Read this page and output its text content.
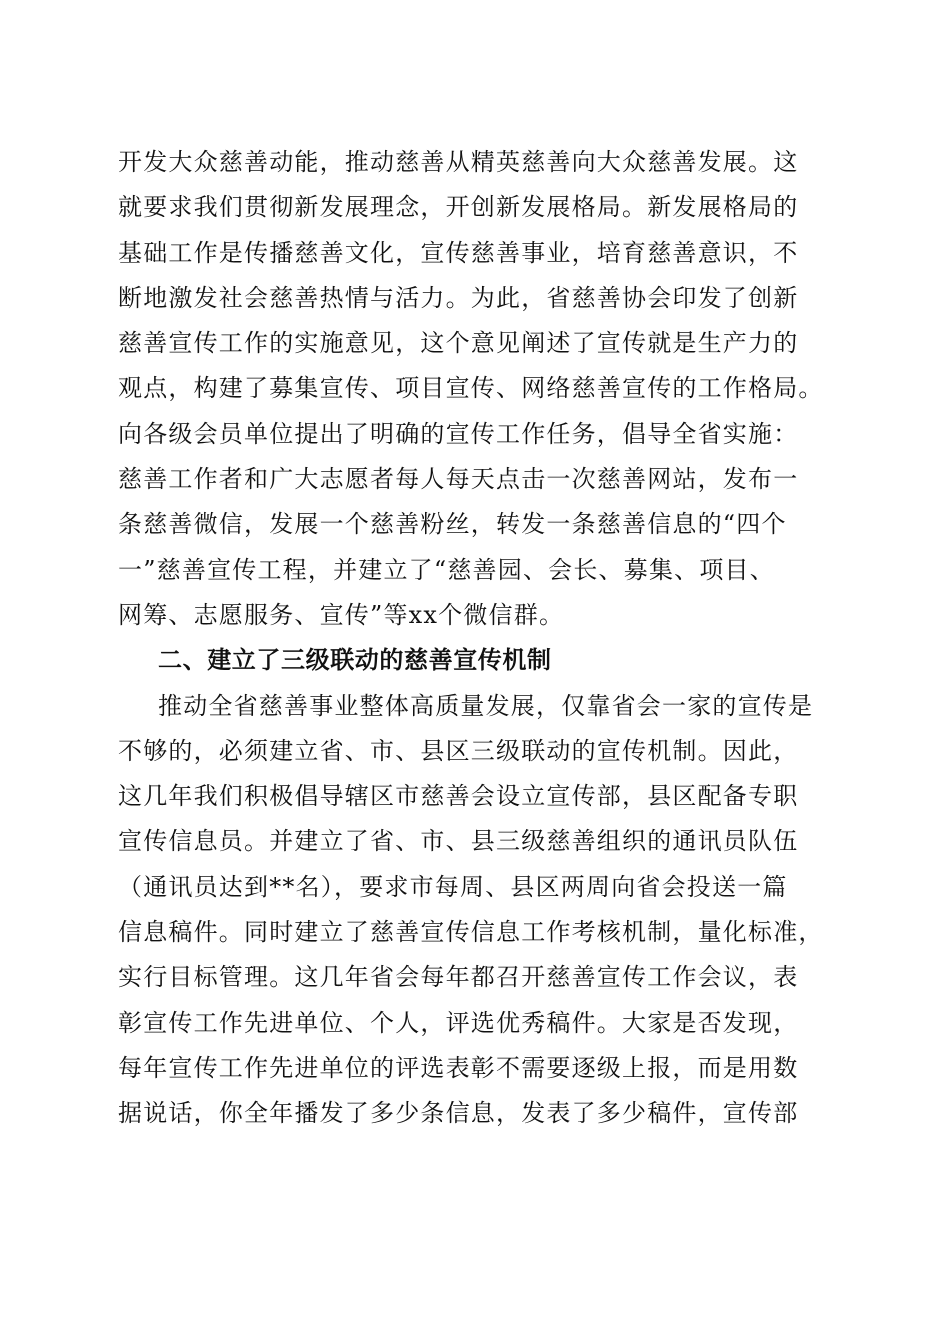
开发大众慈善动能，推动慈善从精英慈善向大众慈善发展。这
就要求我们贯彻新发展理念，开创新发展格局。新发展格局的
基础工作是传播慈善文化，宣传慈善事业，培育慈善意识，不
断地激发社会慈善热情与活力。为此，省慈善协会印发了创新
慈善宣传工作的实施意见，这个意见阐述了宣传就是生产力的
观点，构建了募集宣传、项目宣传、网络慈善宣传的工作格局。
向各级会员单位提出了明确的宣传工作任务，倡导全省实施：
慈善工作者和广大志愿者每人每天点击一次慈善网站，发布一
条慈善微信，发展一个慈善粉丝，转发一条慈善信息的“四个
一”慈善宣传工程，并建立了“慈善园、会长、募集、项目、
网筹、志愿服务、宣传”等xx个微信群。
二、建立了三级联动的慈善宣传机制
推动全省慈善事业整体高质量发展，仅靠省会一家的宣传是
不够的，必须建立省、市、县区三级联动的宣传机制。因此，
这几年我们积极倡导辖区市慈善会设立宣传部，县区配备专职
宣传信息员。并建立了省、市、县三级慈善组织的通讯员队伍
（通讯员达到**名），要求市每周、县区两周向省会投送一篇
信息稿件。同时建立了慈善宣传信息工作考核机制，量化标准，
实行目标管理。这几年省会每年都召开慈善宣传工作会议，表
彰宣传工作先进单位、个人，评选优秀稿件。大家是否发现，
每年宣传工作先进单位的评选表彰不需要逐级上报，而是用数
据说话，你全年播发了多少条信息，发表了多少稿件，宣传部
